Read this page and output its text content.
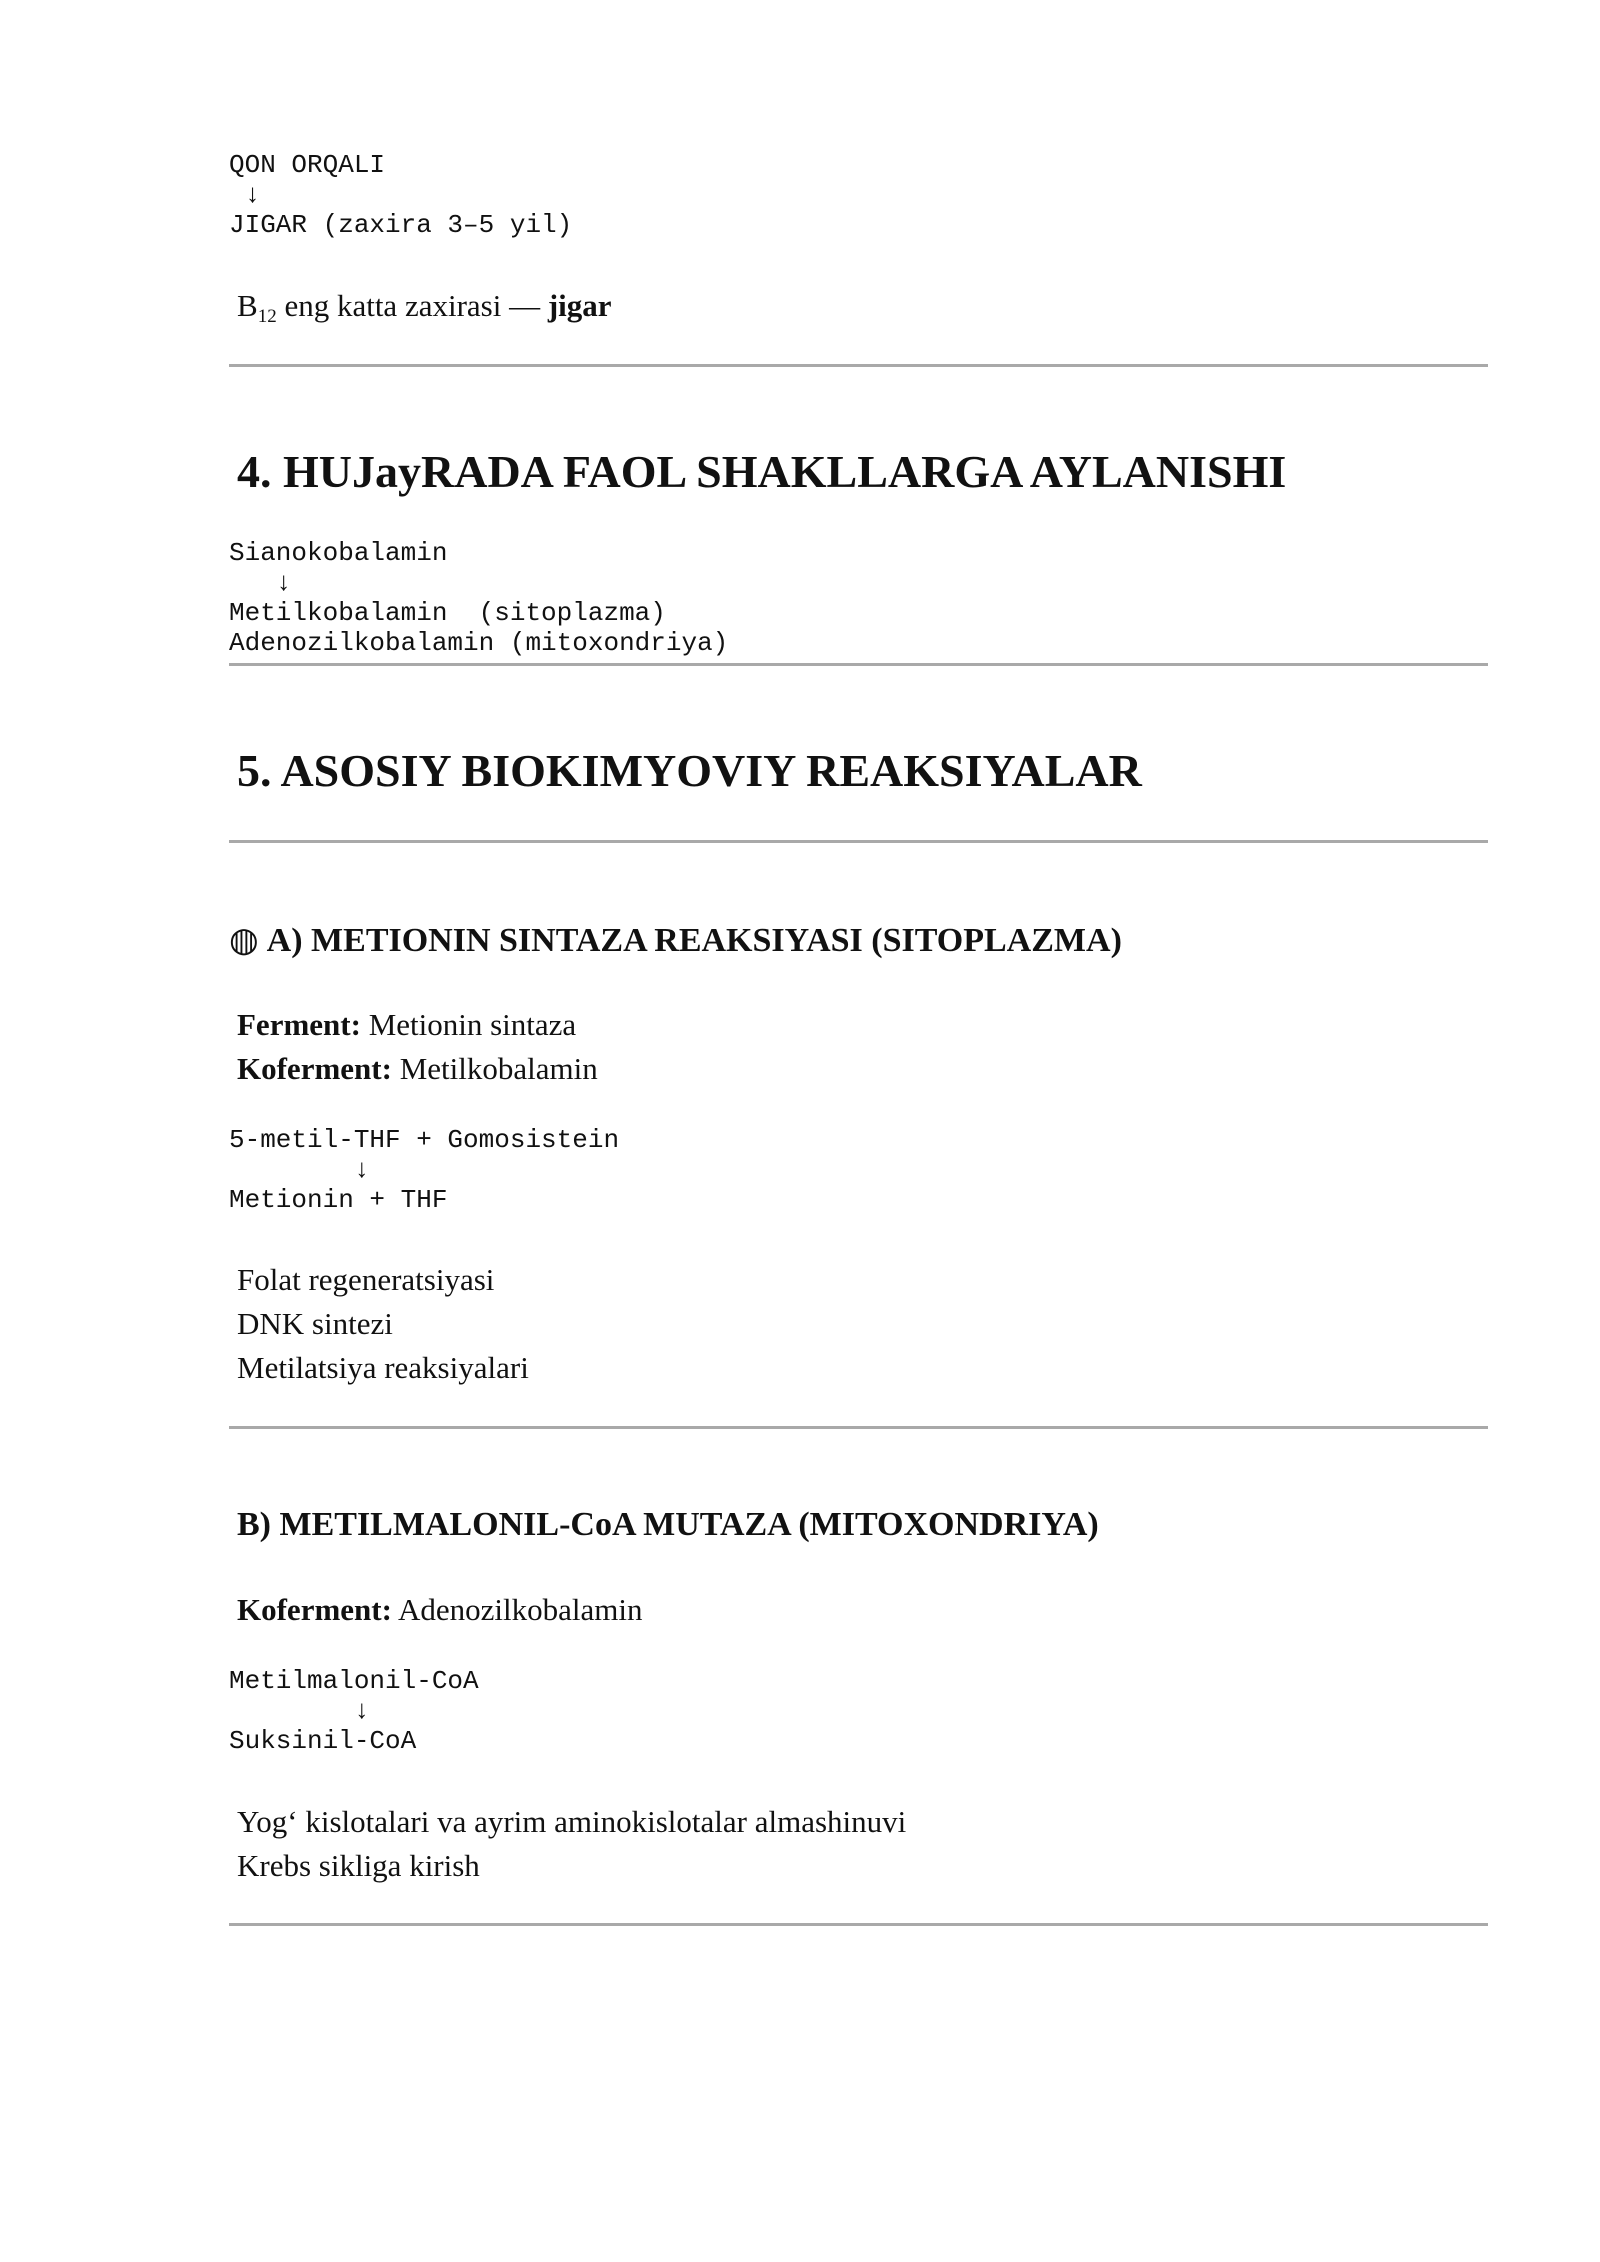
QON ORQALI
↓
JIGAR (zaxira 3–5 yil)
$B_{12}$ eng katta zaxirasi — jigar
4. HUJayRADA FAOL SHAKLLARGA AYLANISHI
Sianokobalamin
↓
Metilkobalamin  (sitoplazma)
Adenozilkobalamin (mitoxondriya)
5. ASOSIY BIOKIMYOVIY REAKSIYALAR
◍ A) METIONIN SINTAZA REAKSIYASI (SITOPLAZMA)
Ferment: Metionin sintaza
Koferment: Metilkobalamin
5-metil-THF + Gomosistein
↓
Metionin + THF
Folat regeneratsiyasi
DNK sintezi
Metilatsiya reaksiyalari
B) METILMALONIL-CoA MUTAZA (MITOXONDRIYA)
Koferment: Adenozilkobalamin
Metilmalonil-CoA
↓
Suksinil-CoA
Yog‘ kislotalari va ayrim aminokislotalar almashinuvi
Krebs sikliga kirish
